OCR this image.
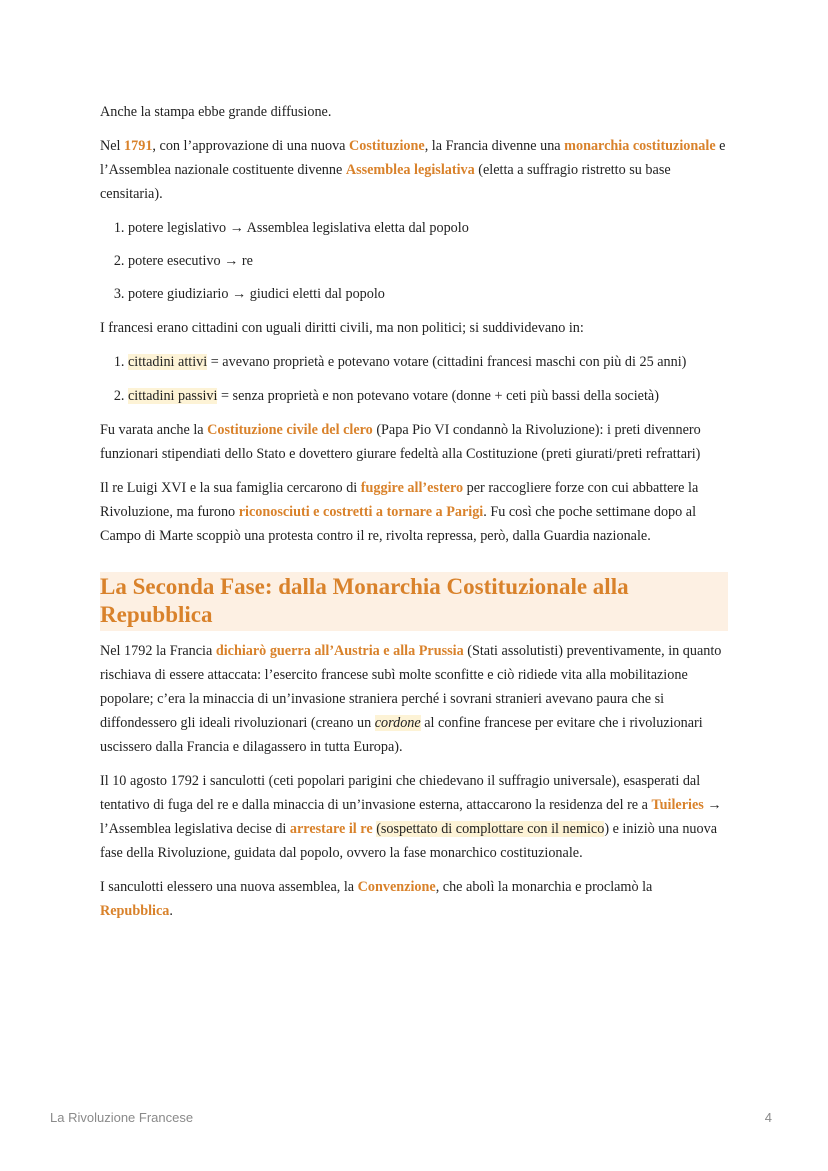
Anche la stampa ebbe grande diffusione.

Nel 1791, con l’approvazione di una nuova Costituzione, la Francia divenne una monarchia costituzionale e l’Assemblea nazionale costituente divenne Assemblea legislativa (eletta a suffragio ristretto su base censitaria).

1. potere legislativo → Assemblea legislativa eletta dal popolo
2. potere esecutivo → re
3. potere giudiziario → giudici eletti dal popolo

I francesi erano cittadini con uguali diritti civili, ma non politici; si suddividevano in:

1. cittadini attivi = avevano proprietà e potevano votare (cittadini francesi maschi con più di 25 anni)
2. cittadini passivi = senza proprietà e non potevano votare (donne + ceti più bassi della società)

Fu varata anche la Costituzione civile del clero (Papa Pio VI condannò la Rivoluzione): i preti divennero funzionari stipendiati dello Stato e dovettero giurare fedeltà alla Costituzione (preti giurati/preti refrattari)

Il re Luigi XVI e la sua famiglia cercarono di fuggire all’estero per raccogliere forze con cui abbattere la Rivoluzione, ma furono riconosciuti e costretti a tornare a Parigi. Fu così che poche settimane dopo al Campo di Marte scoppiò una protesta contro il re, rivolta repressa, però, dalla Guardia nazionale.

La Seconda Fase: dalla Monarchia Costituzionale alla Repubblica

Nel 1792 la Francia dichiarò guerra all’Austria e alla Prussia (Stati assolutisti) preventivamente, in quanto rischiava di essere attaccata: l’esercito francese subì molte sconfitte e ciò ridiede vita alla mobilitazione popolare; c’era la minaccia di un’invasione straniera perché i sovrani stranieri avevano paura che si diffondessero gli ideali rivoluzionari (creano un cordone al confine francese per evitare che i rivoluzionari uscissero dalla Francia e dilagassero in tutta Europa).

Il 10 agosto 1792 i sanculotti (ceti popolari parigini che chiedevano il suffragio universale), esasperati dal tentativo di fuga del re e dalla minaccia di un’invasione esterna, attaccarono la residenza del re a Tuileries → l’Assemblea legislativa decise di arrestare il re (sospettato di complottare con il nemico) e iniziò una nuova fase della Rivoluzione, guidata dal popolo, ovvero la fase monarchico costituzionale.

I sanculotti elessero una nuova assemblea, la Convenzione, che abolì la monarchia e proclamò la Repubblica.

La Rivoluzione Francese	4
